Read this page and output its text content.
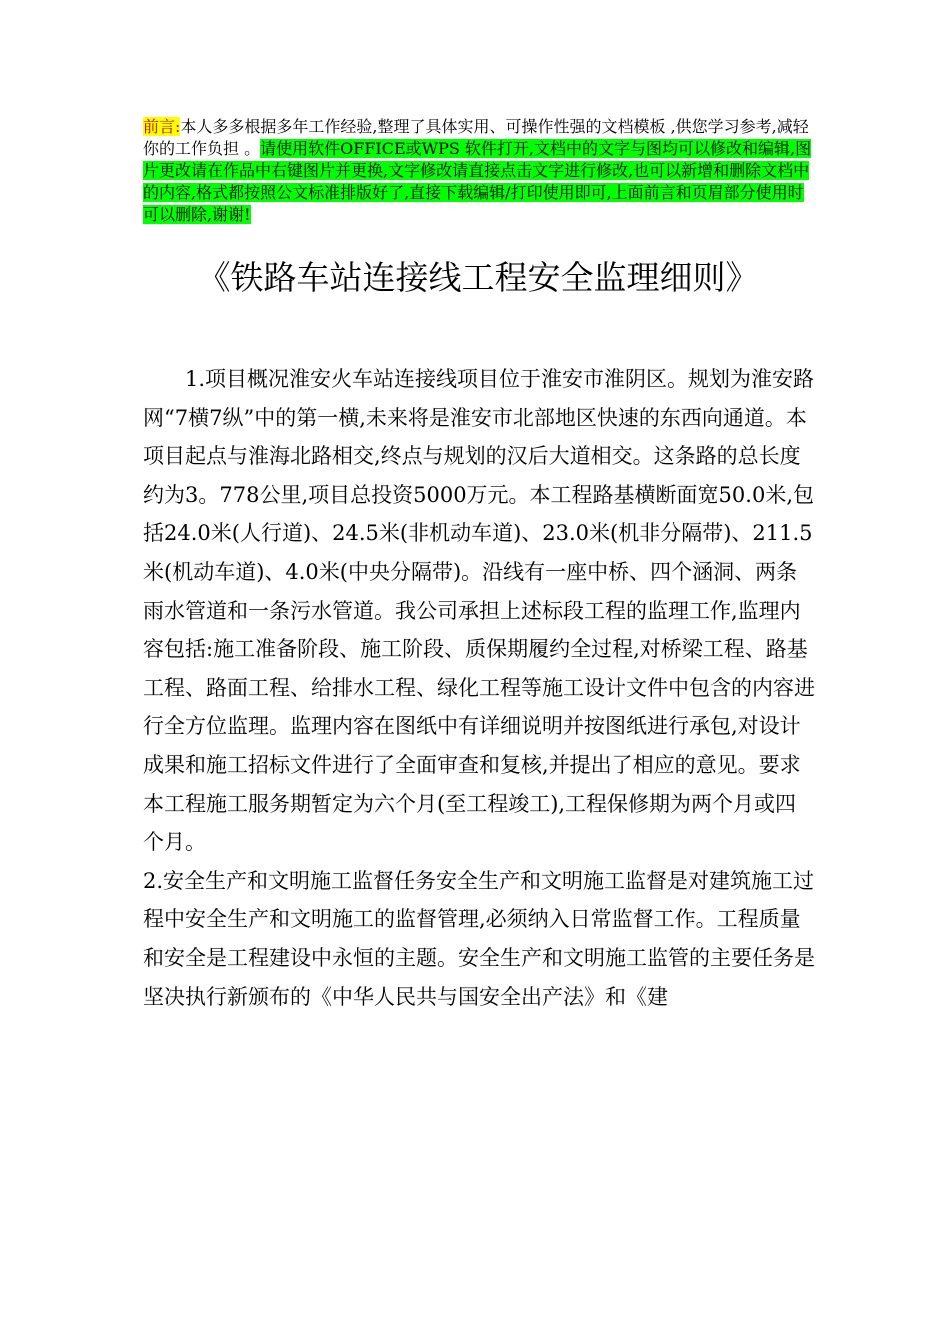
前言:本人多多根据多年工作经验,整理了具体实用、可操作性强的文档模板 ,供您学习参考,减轻你的工作负担 。请使用软件OFFICE或WPS 软件打开,文档中的文字与图均可以修改和编辑,图片更改请在作品中右键图片并更换,文字修改请直接点击文字进行修改,也可以新增和删除文档中的内容,格式都按照公文标准排版好了,直接下载编辑/打印使用即可,上面前言和页眉部分使用时可以删除,谢谢!
《铁路车站连接线工程安全监理细则》

1.项目概况淮安火车站连接线项目位于淮安市淮阴区。规划为淮安路网“7横7纵”中的第一横,未来将是淮安市北部地区快速的东西向通道。本项目起点与淮海北路相交,终点与规划的汉后大道相交。这条路的总长度约为3。778公里,项目总投资5000万元。本工程路基横断面宽50.0米,包括24.0米(人行道)、24.5米(非机动车道)、23.0米(机非分隔带)、211.5米(机动车道)、4.0米(中央分隔带)。沿线有一座中桥、四个涵洞、两条雨水管道和一条污水管道。我公司承担上述标段工程的监理工作,监理内容包括:施工准备阶段、施工阶段、质保期履约全过程,对桥梁工程、路基工程、路面工程、给排水工程、绿化工程等施工设计文件中包含的内容进行全方位监理。监理内容在图纸中有详细说明并按图纸进行承包,对设计成果和施工招标文件进行了全面审查和复核,并提出了相应的意见。要求本工程施工服务期暂定为六个月(至工程竣工),工程保修期为两个月或四个月。

2.安全生产和文明施工监督任务安全生产和文明施工监督是对建筑施工过程中安全生产和文明施工的监督管理,必须纳入日常监督工作。工程质量和安全是工程建设中永恒的主题。安全生产和文明施工监管的主要任务是坚决执行新颁布的《中华人民共与国安全出产法》和《建
